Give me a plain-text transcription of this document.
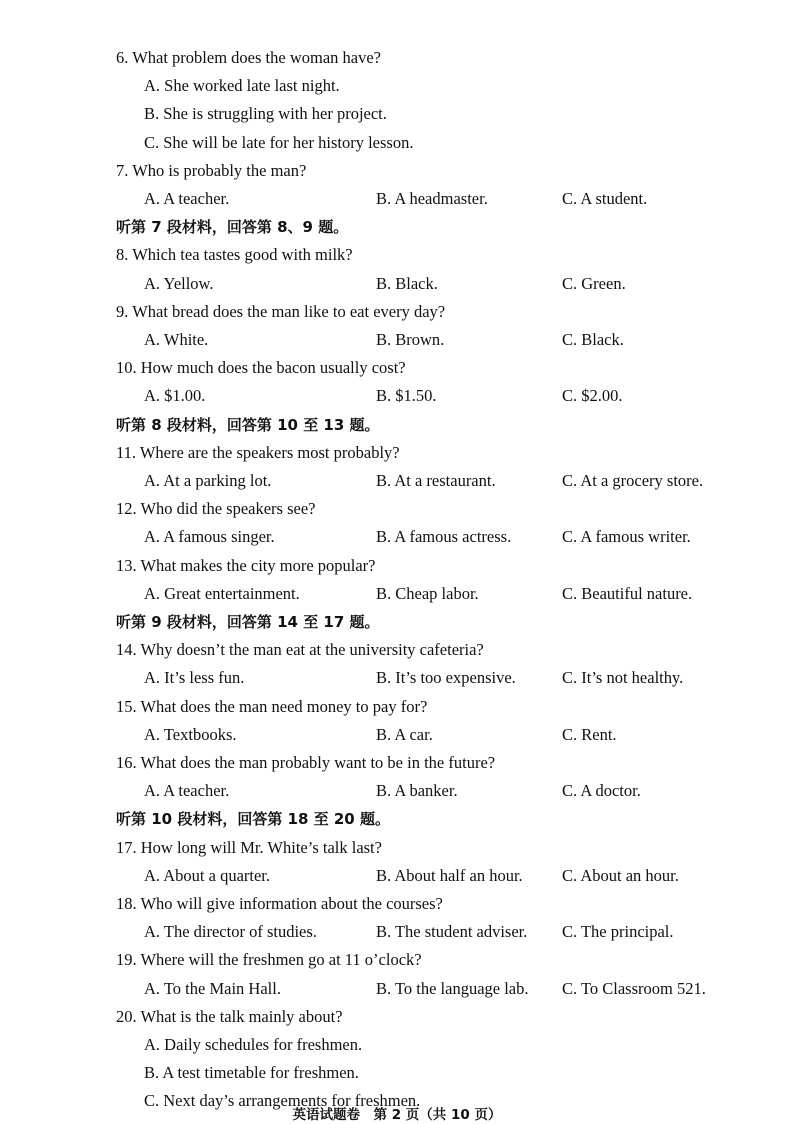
6. What problem does the woman have?
A. She worked late last night.
B. She is struggling with her project.
C. She will be late for her history lesson.
7. Who is probably the man?
A. A teacher.	B. A headmaster.	C. A student.
听第 7 段材料，回答第 8、9 题。
8. Which tea tastes good with milk?
A. Yellow.	B. Black.	C. Green.
9. What bread does the man like to eat every day?
A. White.	B. Brown.	C. Black.
10. How much does the bacon usually cost?
A. $1.00.	B. $1.50.	C. $2.00.
听第 8 段材料，回答第 10 至 13 题。
11. Where are the speakers most probably?
A. At a parking lot.	B. At a restaurant.	C. At a grocery store.
12. Who did the speakers see?
A. A famous singer.	B. A famous actress.	C. A famous writer.
13. What makes the city more popular?
A. Great entertainment.	B. Cheap labor.	C. Beautiful nature.
听第 9 段材料，回答第 14 至 17 题。
14. Why doesn’t the man eat at the university cafeteria?
A. It’s less fun.	B. It’s too expensive.	C. It’s not healthy.
15. What does the man need money to pay for?
A. Textbooks.	B. A car.	C. Rent.
16. What does the man probably want to be in the future?
A. A teacher.	B. A banker.	C. A doctor.
听第 10 段材料，回答第 18 至 20 题。
17. How long will Mr. White’s talk last?
A. About a quarter.	B. About half an hour. C. About an hour.
18. Who will give information about the courses?
A. The director of studies.	B. The student adviser. C. The principal.
19. Where will the freshmen go at 11 o’clock?
A. To the Main Hall.	B. To the language lab. C. To Classroom 521.
20. What is the talk mainly about?
A. Daily schedules for freshmen.
B. A test timetable for freshmen.
C. Next day’s arrangements for freshmen.
英语试题卷　第 2 页（共 10 页）
